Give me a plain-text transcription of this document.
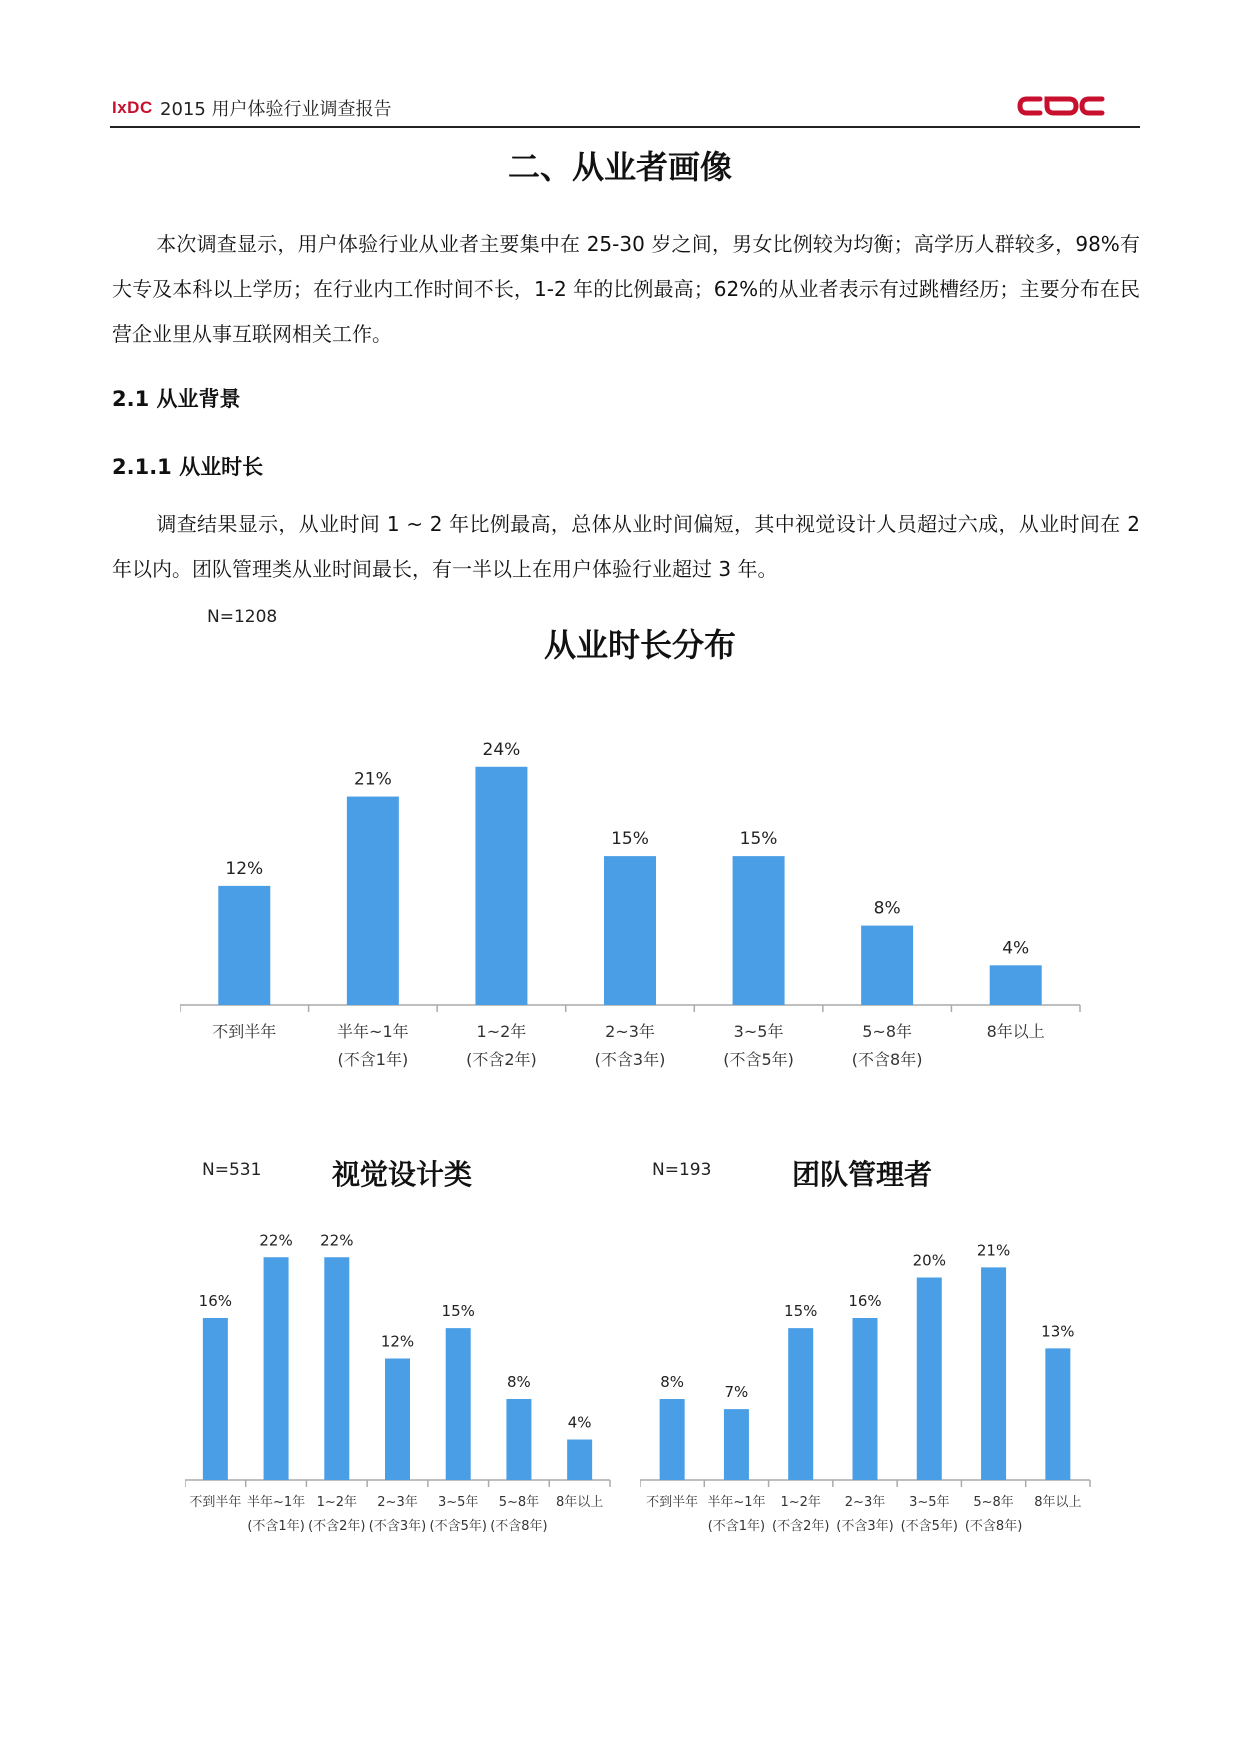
IxDC 2015 用户体验行业调查报告
二、从业者画像
本次调查显示，用户体验行业从业者主要集中在 25-30 岁之间，男女比例较为均衡；高学历人群较多，98%有大专及本科以上学历；在行业内工作时间不长，1-2 年的比例最高；62%的从业者表示有过跳槽经历；主要分布在民营企业里从事互联网相关工作。
2.1 从业背景
2.1.1 从业时长
调查结果显示，从业时间 1 ~ 2 年比例最高，总体从业时间偏短，其中视觉设计人员超过六成，从业时间在 2 年以内。团队管理类从业时间最长，有一半以上在用户体验行业超过 3 年。
N=1208
从业时长分布
12%
不到半年
21%
半年~1年
(不含1年)
24%
1~2年
(不含2年)
15%
2~3年
(不含3年)
15%
3~5年
(不含5年)
8%
5~8年
(不含8年)
4%
8年以上
N=531	视觉设计类
16%
不到半年
22%
半年~1年
(不含1年)
22%
1~2年
(不含2年)
12%
2~3年
(不含3年)
15%
3~5年
(不含5年)
8%
5~8年
(不含8年)
4%
8年以上
N=193	团队管理者
8%
不到半年
7%
半年~1年
(不含1年)
15%
1~2年
(不含2年)
16%
2~3年
(不含3年)
20%
3~5年
(不含5年)
21%
5~8年
(不含8年)
13%
8年以上
